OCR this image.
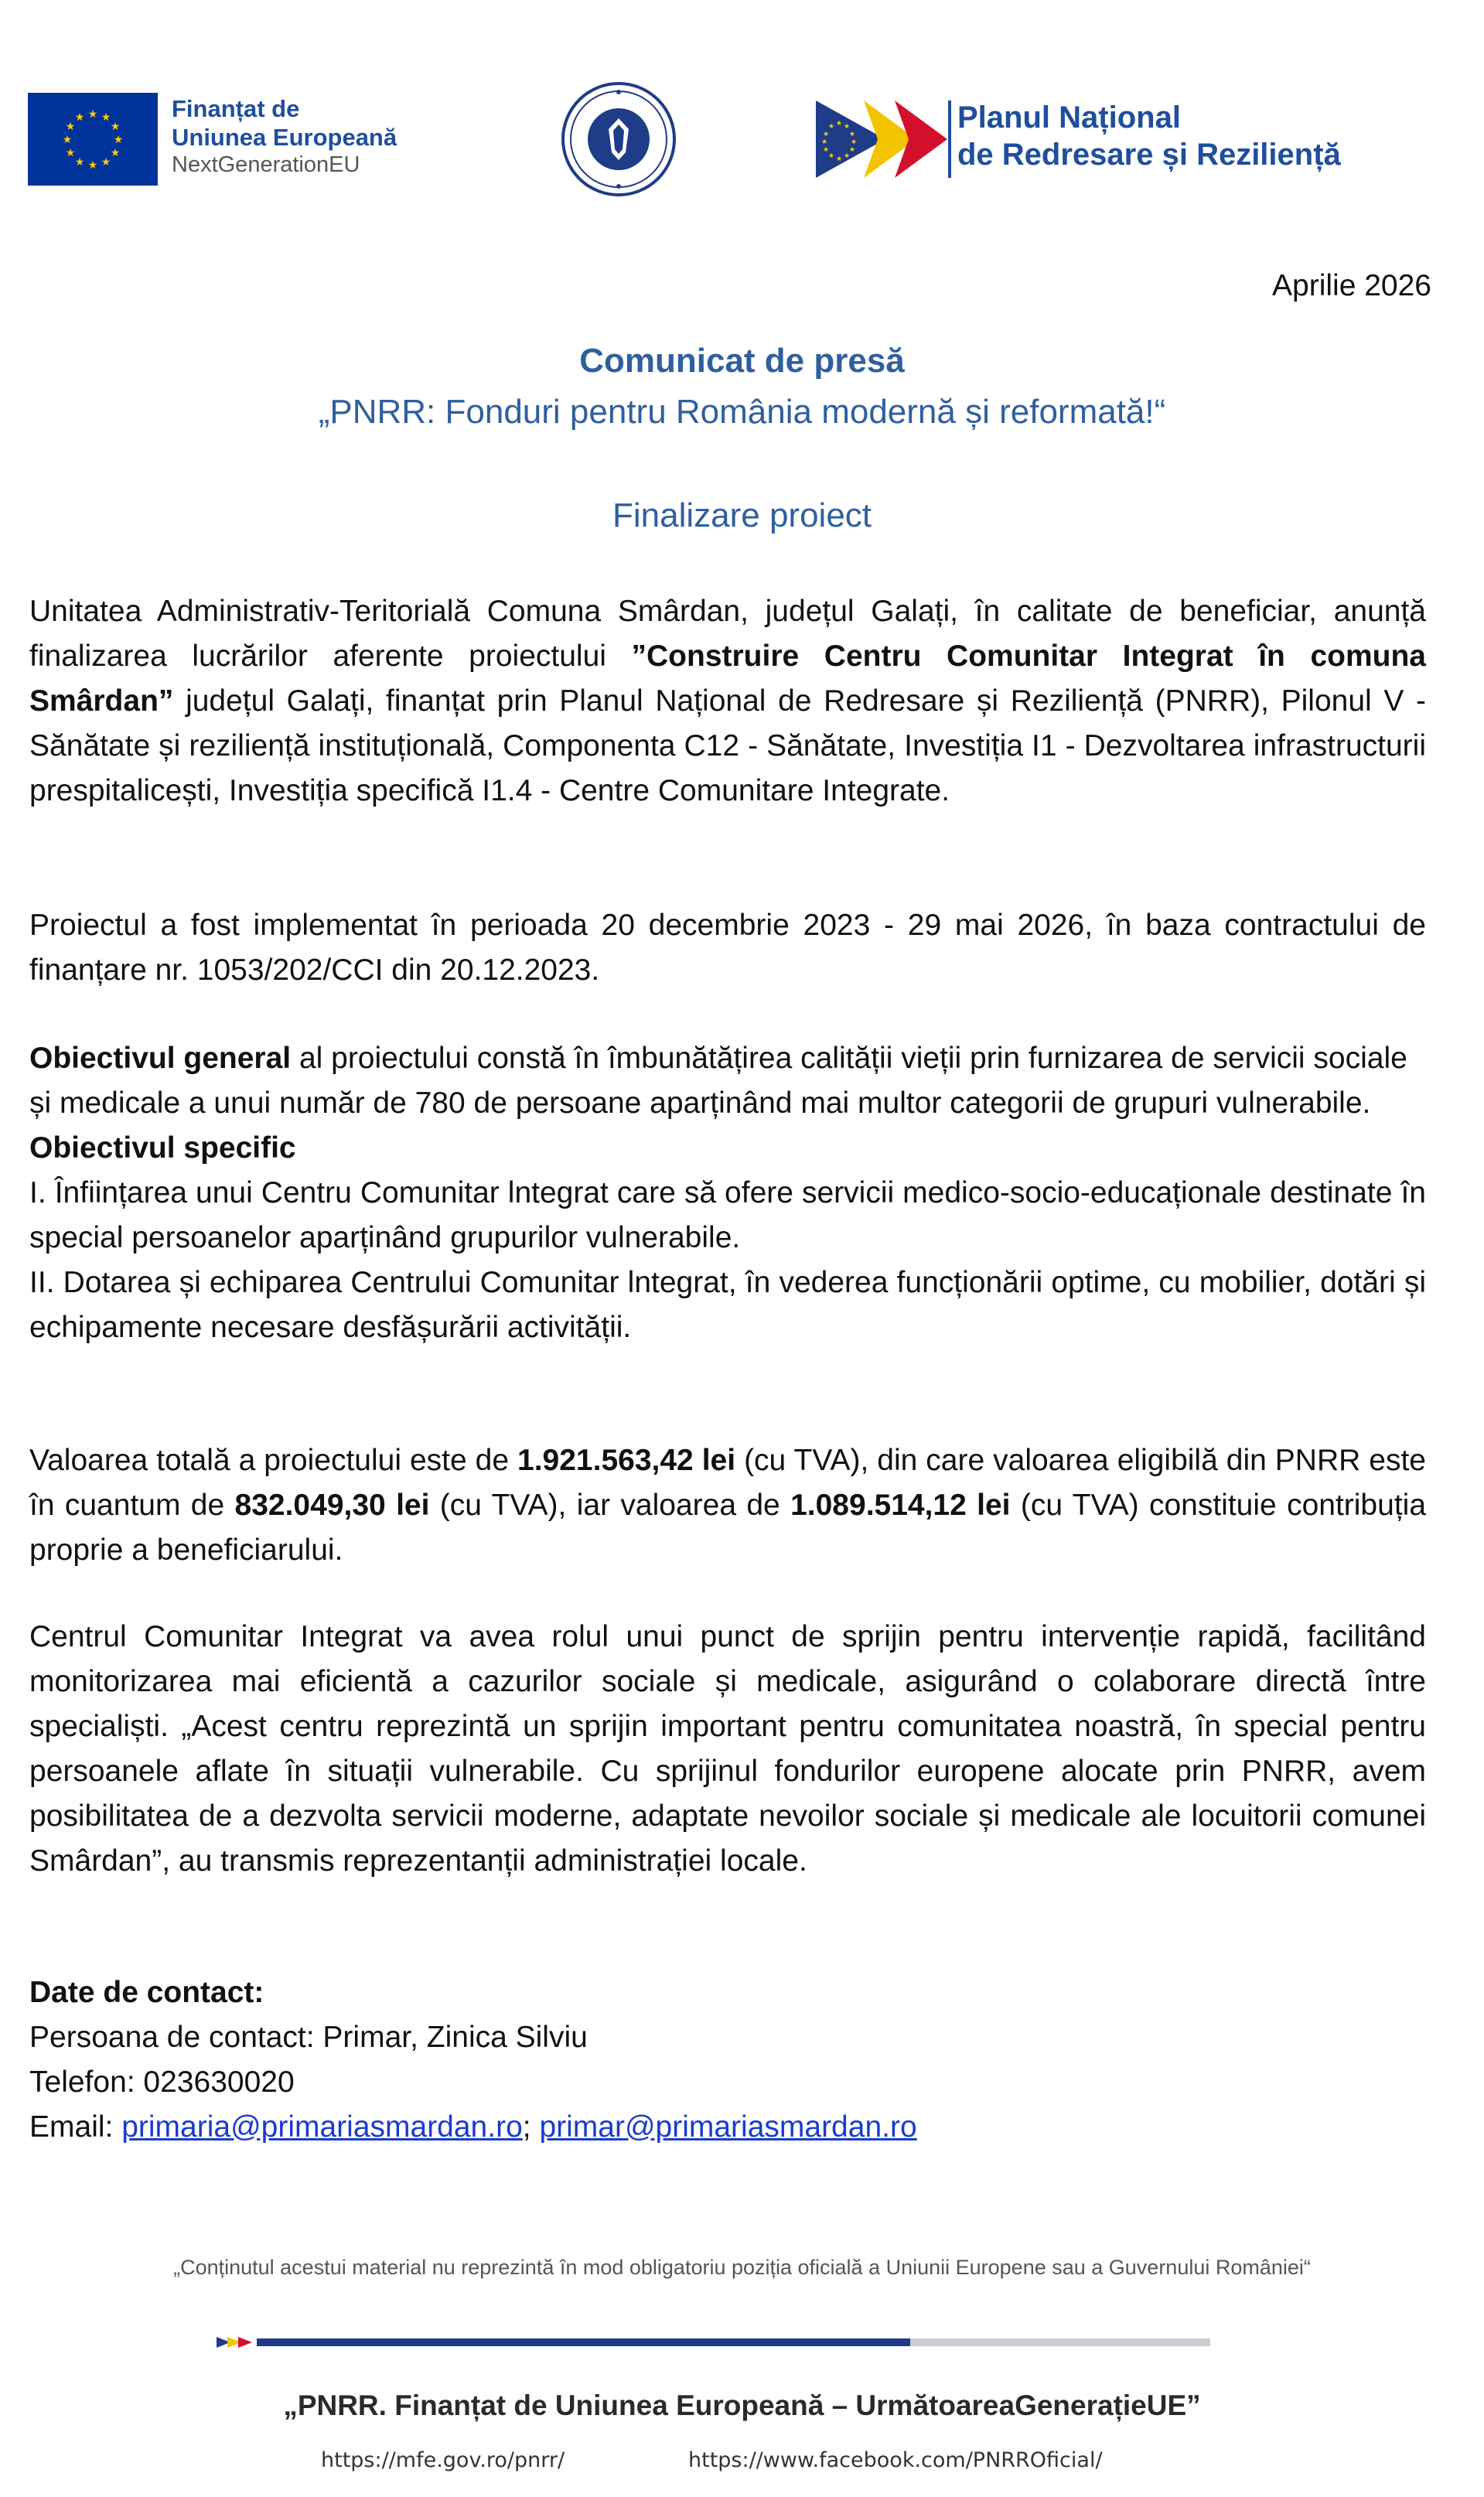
★ ★
★
★
★
★
★
★
★
★
★
★	Finanțat de
Uniunea Europeană
NextGenerationEU
★ ★
★
★
★
★
★
★
★
★
★
★	Planul Național
de Redresare și Reziliență
Aprilie 2026
Comunicat de presă
„PNRR: Fonduri pentru România modernă și reformată!“
Finalizare proiect
Unitatea Administrativ-Teritorială Comuna Smârdan, județul Galați, în calitate de beneficiar, anunță finalizarea lucrărilor aferente proiectului ”Construire Centru Comunitar Integrat în comuna Smârdan” județul Galați, finanțat prin Planul Național de Redresare și Reziliență (PNRR), Pilonul V - Sănătate și reziliență instituțională, Componenta C12 - Sănătate, Investiția I1 - Dezvoltarea infrastructurii prespitalicești, Investiția specifică I1.4 - Centre Comunitare Integrate.
Proiectul a fost implementat în perioada 20 decembrie 2023 - 29 mai 2026, în baza contractului de finanțare nr. 1053/202/CCI din 20.12.2023.
Obiectivul general al proiectului constă în îmbunătățirea calității vieții prin furnizarea de servicii sociale și medicale a unui număr de 780 de persoane aparținând mai multor categorii de grupuri vulnerabile.
Obiectivul specific
I. Înființarea unui Centru Comunitar lntegrat care să ofere servicii medico-socio-educaționale destinate în special persoanelor aparținând grupurilor vulnerabile.
II. Dotarea și echiparea Centrului Comunitar lntegrat, în vederea funcționării optime, cu mobilier, dotări și echipamente necesare desfășurării activității.
Valoarea totală a proiectului este de 1.921.563,42 lei (cu TVA), din care valoarea eligibilă din PNRR este în cuantum de 832.049,30 lei (cu TVA), iar valoarea de 1.089.514,12 lei (cu TVA) constituie contribuția proprie a beneficiarului.
Centrul Comunitar Integrat va avea rolul unui punct de sprijin pentru intervenție rapidă, facilitând monitorizarea mai eficientă a cazurilor sociale și medicale, asigurând o colaborare directă între specialiști. „Acest centru reprezintă un sprijin important pentru comunitatea noastră, în special pentru persoanele aflate în situații vulnerabile. Cu sprijinul fondurilor europene alocate prin PNRR, avem posibilitatea de a dezvolta servicii moderne, adaptate nevoilor sociale și medicale ale locuitorii comunei Smârdan”, au transmis reprezentanții administrației locale.
Date de contact:
Persoana de contact: Primar, Zinica Silviu
Telefon: 023630020
Email: primaria@primariasmardan.ro; primar@primariasmardan.ro
„Conținutul acestui material nu reprezintă în mod obligatoriu poziția oficială a Uniunii Europene sau a Guvernului României“
„PNRR. Finanțat de Uniunea Europeană – UrmătoareaGenerațieUE”
https://mfe.gov.ro/pnrr/	https://www.facebook.com/PNRROficial/
